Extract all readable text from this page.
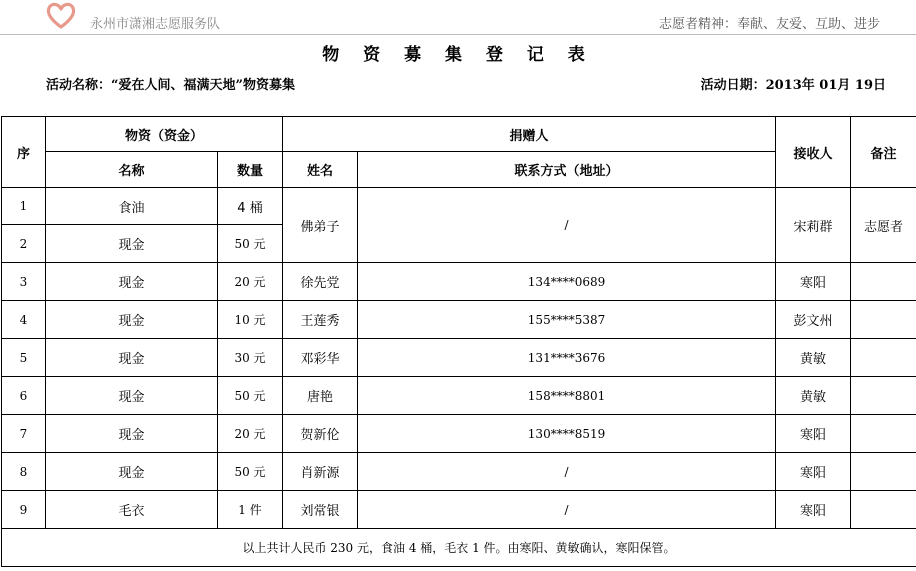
永州市潇湘志愿服务队	志愿者精神：奉献、友爱、互助、进步
物 资 募 集 登 记 表
活动名称：“爱在人间、福满天地”物资募集	活动日期：2013年 01月 19日
序	物资（资金）		捐赠人		接收人	备注
	名称	数量	姓名	联系方式（地址）		
1	食油	4 桶	佛弟子	/	宋莉群	志愿者
2	现金	50 元				
3	现金	20 元	徐先党	134****0689	寒阳	
4	现金	10 元	王莲秀	155****5387	彭文州	
5	现金	30 元	邓彩华	131****3676	黄敏	
6	现金	50 元	唐艳	158****8801	黄敏	
7	现金	20 元	贺新伦	130****8519	寒阳	
8	现金	50 元	肖新源	/	寒阳	
9	毛衣	1 件	刘常银	/	寒阳	
以上共计人民币 230 元，食油 4 桶，毛衣 1 件。由寒阳、黄敏确认，寒阳保管。						
